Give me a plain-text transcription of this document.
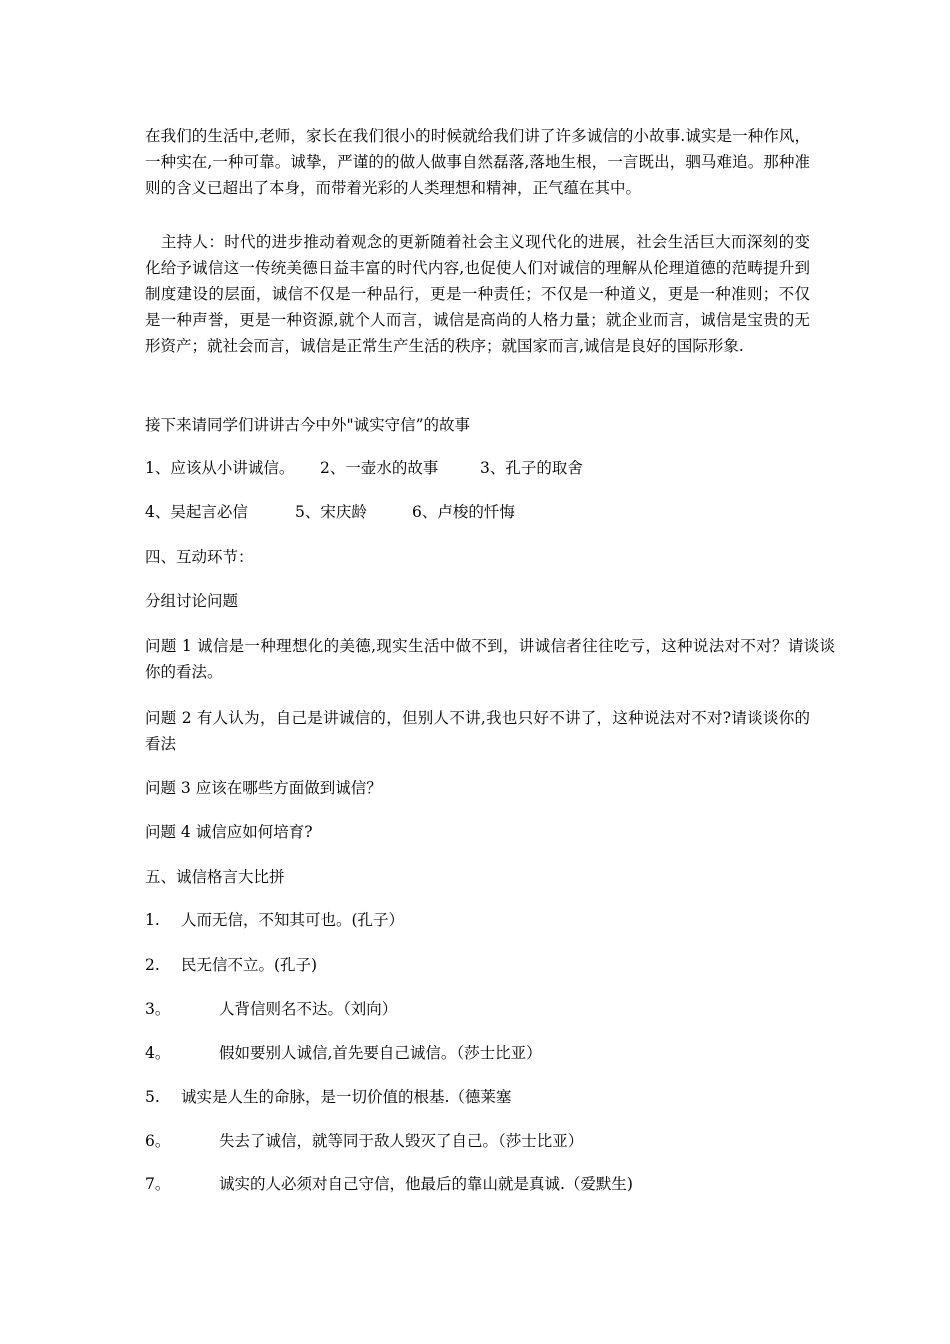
在我们的生活中,老师，家长在我们很小的时候就给我们讲了许多诚信的小故事.诚实是一种作风，一种实在,一种可靠。诚挚，严谨的的做人做事自然磊落,落地生根，一言既出，驷马难追。那种准则的含义已超出了本身，而带着光彩的人类理想和精神，正气蕴在其中。

　主持人：时代的进步推动着观念的更新随着社会主义现代化的进展，社会生活巨大而深刻的变化给予诚信这一传统美德日益丰富的时代内容,也促使人们对诚信的理解从伦理道德的范畴提升到制度建设的层面，诚信不仅是一种品行，更是一种责任；不仅是一种道义，更是一种准则；不仅是一种声誉，更是一种资源,就个人而言，诚信是高尚的人格力量；就企业而言，诚信是宝贵的无形资产；就社会而言，诚信是正常生产生活的秩序；就国家而言,诚信是良好的国际形象.

接下来请同学们讲讲古今中外"诚实守信”的故事
1、应该从小讲诚信。 2、一壶水的故事	3、孔子的取舍
4、吴起言必信	5、宋庆龄	6、卢梭的忏悔
四、互动环节：
分组讨论问题

问题 1 诚信是一种理想化的美德,现实生活中做不到，讲诚信者往往吃亏，这种说法对不对？请谈谈你的看法。

问题 2 有人认为，自己是讲诚信的，但别人不讲,我也只好不讲了，这种说法对不对?请谈谈你的看法

问题 3 应该在哪些方面做到诚信？
问题 4 诚信应如何培育?
五、诚信格言大比拼
1. 人而无信，不知其可也。(孔子）
2. 民无信不立。(孔子)
3。	人背信则名不达。（刘向）
4。	假如要别人诚信,首先要自己诚信。（莎士比亚）
5. 诚实是人生的命脉，是一切价值的根基.（德莱塞
6。	失去了诚信，就等同于敌人毁灭了自己。（莎士比亚）
7。	诚实的人必须对自己守信，他最后的靠山就是真诚.（爱默生)
